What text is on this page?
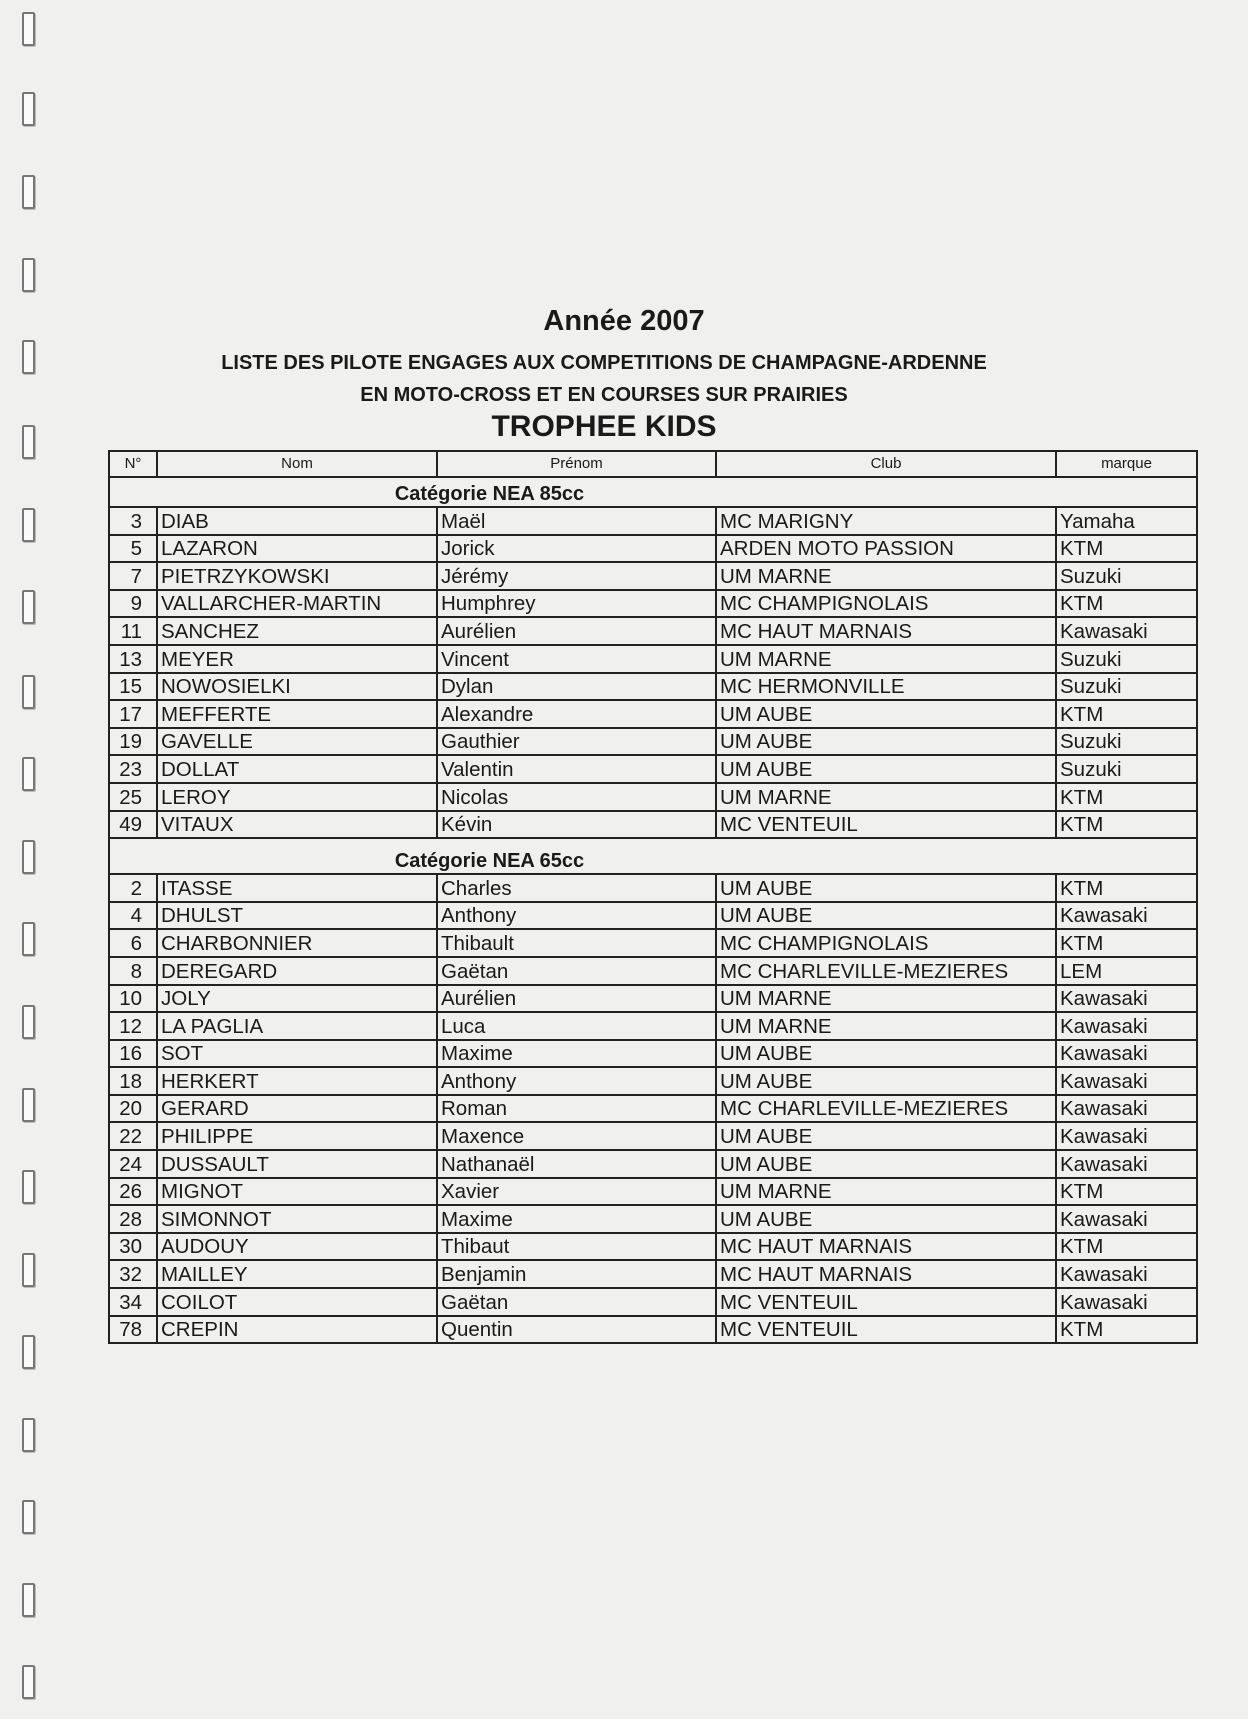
Année 2007
LISTE DES PILOTE ENGAGES AUX COMPETITIONS DE CHAMPAGNE-ARDENNE
EN MOTO-CROSS ET EN COURSES SUR PRAIRIES
TROPHEE KIDS
N°	Nom	Prénom	Club	marque
Catégorie NEA 85cc				
3	DIAB	Maël	MC MARIGNY	Yamaha
5	LAZARON	Jorick	ARDEN MOTO PASSION	KTM
7	PIETRZYKOWSKI	Jérémy	UM MARNE	Suzuki
9	VALLARCHER-MARTIN	Humphrey	MC CHAMPIGNOLAIS	KTM
11	SANCHEZ	Aurélien	MC HAUT MARNAIS	Kawasaki
13	MEYER	Vincent	UM MARNE	Suzuki
15	NOWOSIELKI	Dylan	MC HERMONVILLE	Suzuki
17	MEFFERTE	Alexandre	UM AUBE	KTM
19	GAVELLE	Gauthier	UM AUBE	Suzuki
23	DOLLAT	Valentin	UM AUBE	Suzuki
25	LEROY	Nicolas	UM MARNE	KTM
49	VITAUX	Kévin	MC VENTEUIL	KTM
Catégorie NEA 65cc				
2	ITASSE	Charles	UM AUBE	KTM
4	DHULST	Anthony	UM AUBE	Kawasaki
6	CHARBONNIER	Thibault	MC CHAMPIGNOLAIS	KTM
8	DEREGARD	Gaëtan	MC CHARLEVILLE-MEZIERES	LEM
10	JOLY	Aurélien	UM MARNE	Kawasaki
12	LA PAGLIA	Luca	UM MARNE	Kawasaki
16	SOT	Maxime	UM AUBE	Kawasaki
18	HERKERT	Anthony	UM AUBE	Kawasaki
20	GERARD	Roman	MC CHARLEVILLE-MEZIERES	Kawasaki
22	PHILIPPE	Maxence	UM AUBE	Kawasaki
24	DUSSAULT	Nathanaël	UM AUBE	Kawasaki
26	MIGNOT	Xavier	UM MARNE	KTM
28	SIMONNOT	Maxime	UM AUBE	Kawasaki
30	AUDOUY	Thibaut	MC HAUT MARNAIS	KTM
32	MAILLEY	Benjamin	MC HAUT MARNAIS	Kawasaki
34	COILOT	Gaëtan	MC VENTEUIL	Kawasaki
78	CREPIN	Quentin	MC VENTEUIL	KTM
